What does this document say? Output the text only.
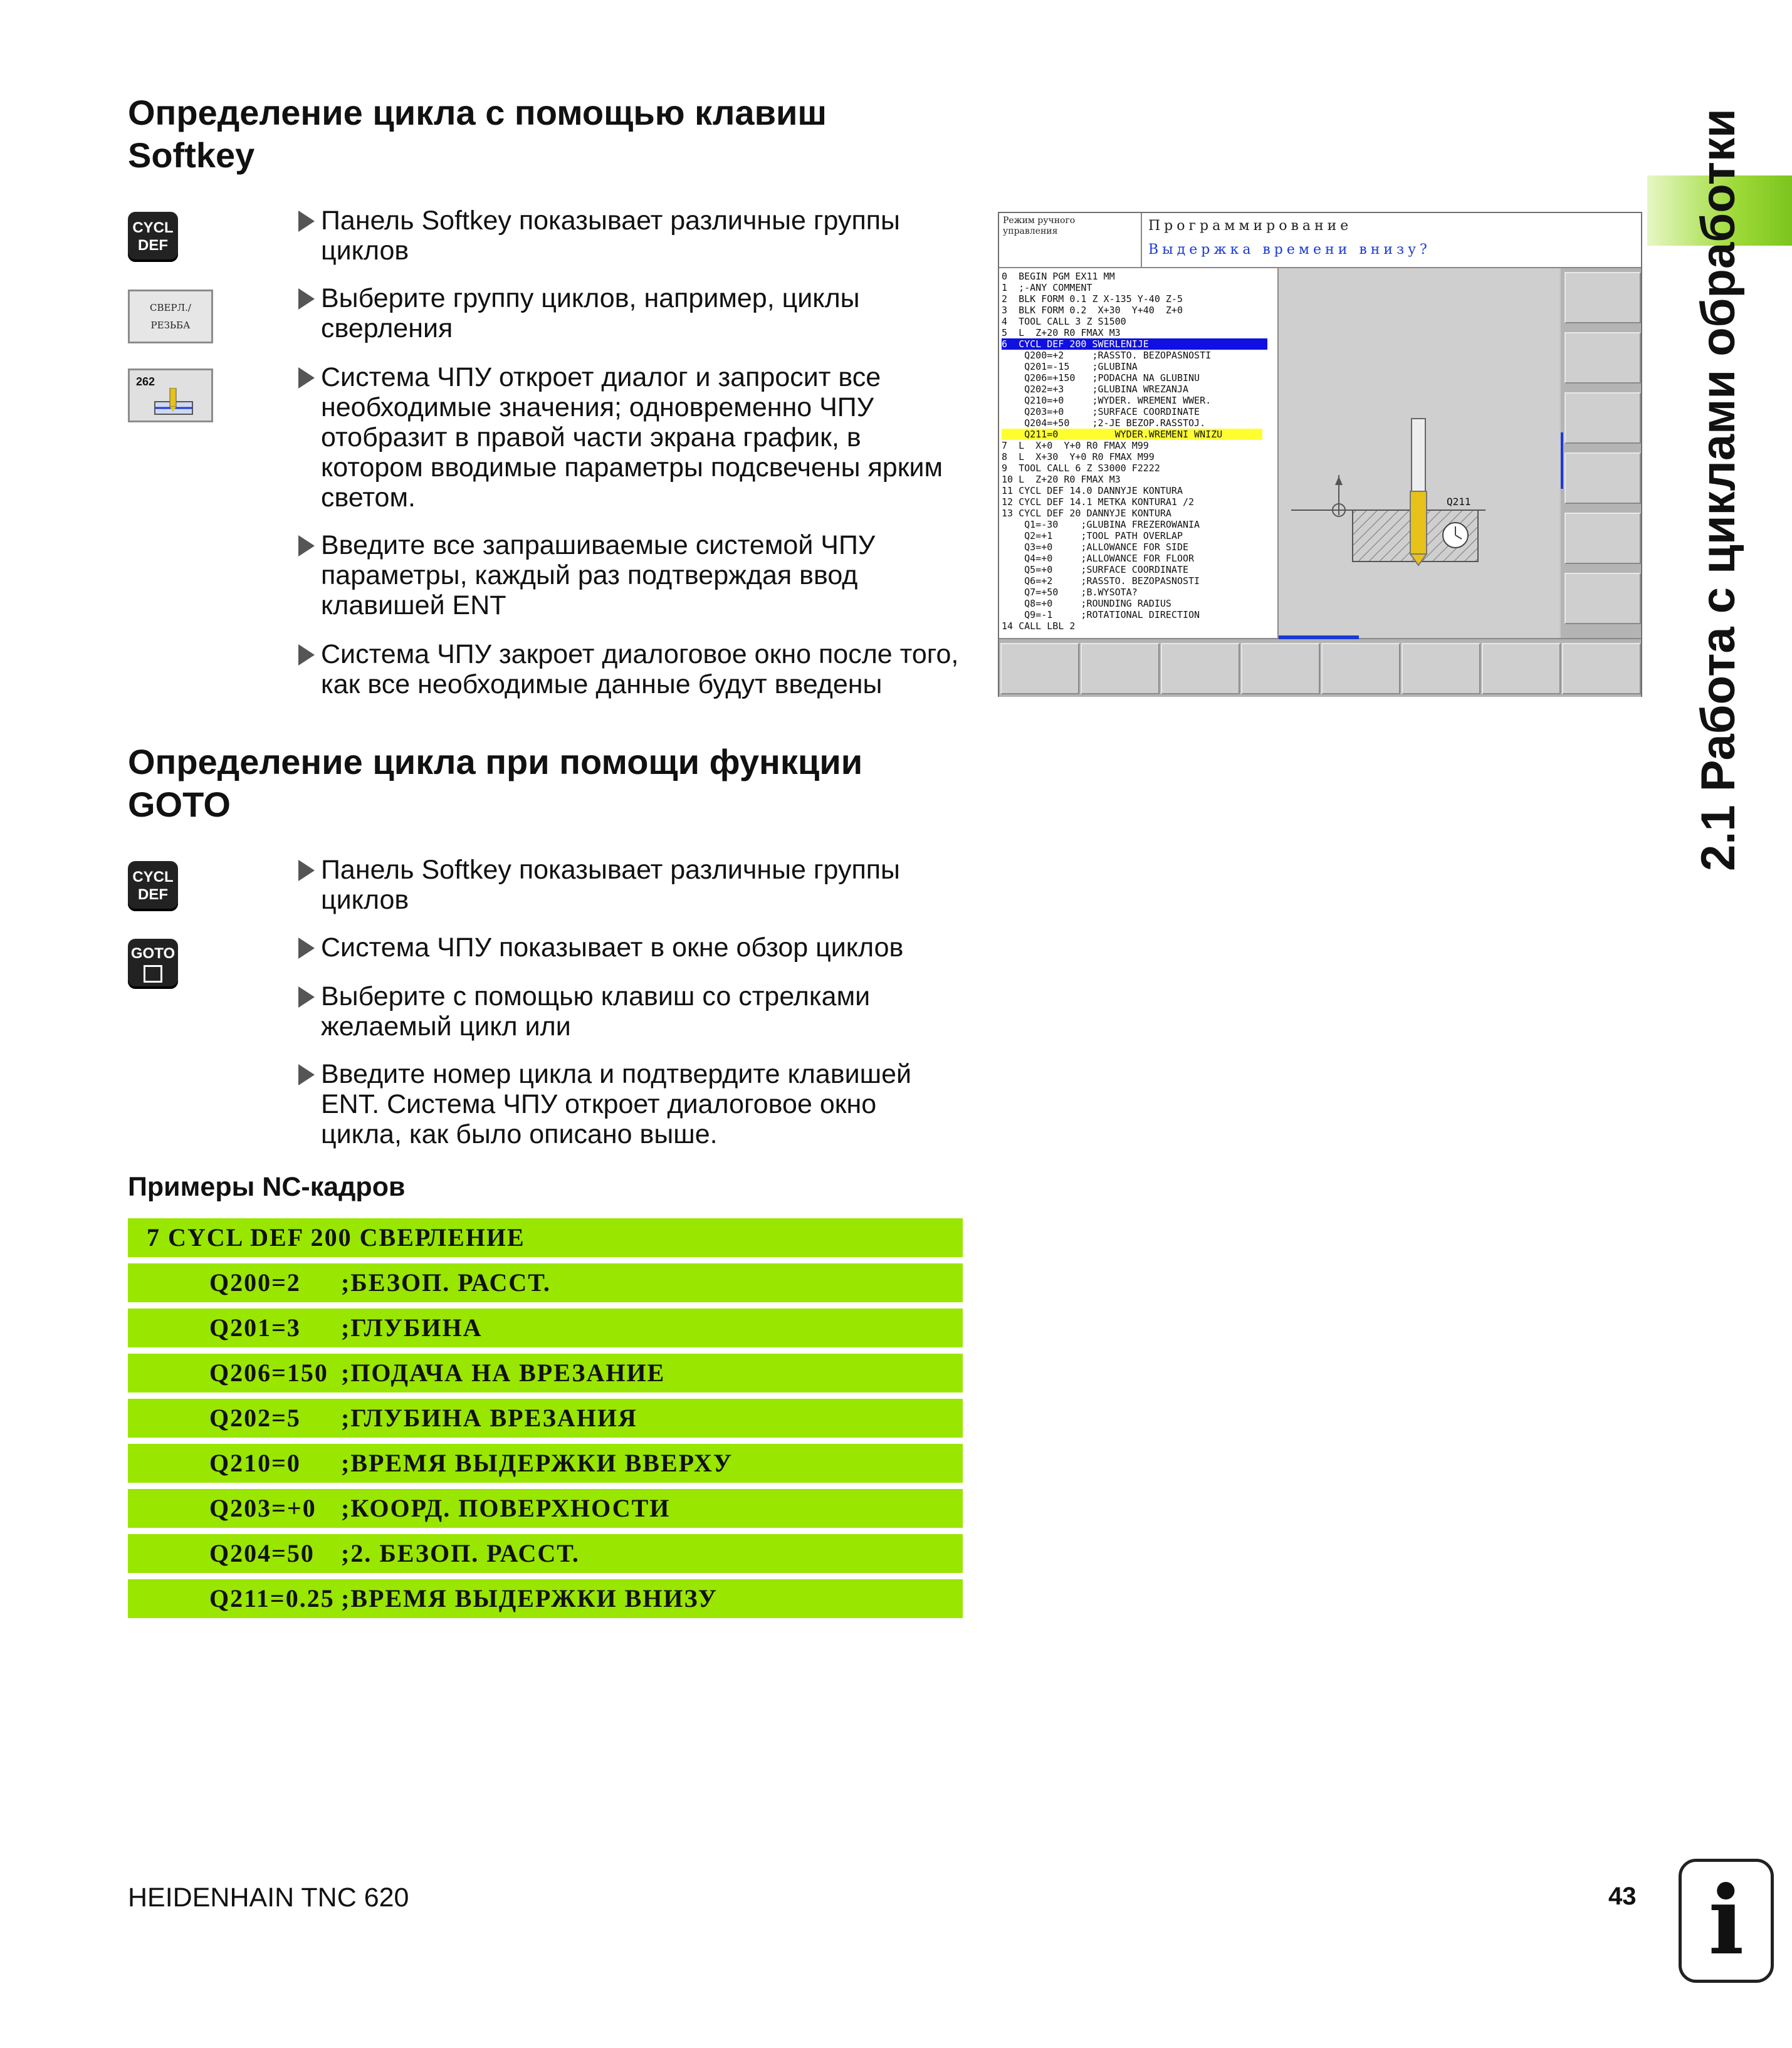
Определение цикла с помощью клавиш
Softkey
CYCL
DEF
СВЕРЛ./
РЕЗЬБА
262
Панель Softkey показывает различные группы
циклов
Выберите группу циклов, например, циклы
сверления
Система ЧПУ откроет диалог и запросит все
необходимые значения; одновременно ЧПУ
отобразит в правой части экрана график, в
котором вводимые параметры подсвечены ярким
светом.
Введите все запрашиваемые системой ЧПУ
параметры, каждый раз подтверждая ввод
клавишей ENT
Система ЧПУ закроет диалоговое окно после того,
как все необходимые данные будут введены
Определение цикла при помощи функции
GOTO
CYCL
DEF
GOTO
Панель Softkey показывает различные группы
циклов
Система ЧПУ показывает в окне обзор циклов
Выберите с помощью клавиш со стрелками
желаемый цикл или
Введите номер цикла и подтвердите клавишей
ENT. Система ЧПУ откроет диалоговое окно
цикла, как было описано выше.
Примеры NC-кадров
7 CYCL DEF 200 СВЕРЛЕНИЕ
Q200=2 ;БЕЗОП. РАССТ.
Q201=3 ;ГЛУБИНА
Q206=150 ;ПОДАЧА НА ВРЕЗАНИЕ
Q202=5 ;ГЛУБИНА ВРЕЗАНИЯ
Q210=0 ;ВРЕМЯ ВЫДЕРЖКИ ВВЕРХУ
Q203=+0 ;КООРД. ПОВЕРХНОСТИ
Q204=50 ;2. БЕЗОП. РАССТ.
Q211=0.25 ;ВРЕМЯ ВЫДЕРЖКИ ВНИЗУ
Режим ручного
управления	Программирование
Выдержка времени внизу?
0  BEGIN PGM EX11 MM
1  ;-ANY COMMENT
2  BLK FORM 0.1 Z X-135 Y-40 Z-5
3  BLK FORM 0.2  X+30  Y+40  Z+0
4  TOOL CALL 3 Z S1500
5  L  Z+20 R0 FMAX M3
6  CYCL DEF 200 SWERLENIJE
Q200=+2     ;RASSTO. BEZOPASNOSTI
Q201=-15    ;GLUBINA
Q206=+150   ;PODACHA NA GLUBINU
Q202=+3     ;GLUBINA WREZANJA
Q210=+0     ;WYDER. WREMENI WWER.
Q203=+0     ;SURFACE COORDINATE
Q204=+50    ;2-JE BEZOP.RASSTOJ.
Q211=0          WYDER.WREMENI WNIZU
7  L  X+0  Y+0 R0 FMAX M99
8  L  X+30  Y+0 R0 FMAX M99
9  TOOL CALL 6 Z S3000 F2222
10 L  Z+20 R0 FMAX M3
11 CYCL DEF 14.0 DANNYJE KONTURA
12 CYCL DEF 14.1 METKA KONTURA1 /2
13 CYCL DEF 20 DANNYJE KONTURA
Q1=-30    ;GLUBINA FREZEROWANIA
Q2=+1     ;TOOL PATH OVERLAP
Q3=+0     ;ALLOWANCE FOR SIDE
Q4=+0     ;ALLOWANCE FOR FLOOR
Q5=+0     ;SURFACE COORDINATE
Q6=+2     ;RASSTO. BEZOPASNOSTI
Q7=+50    ;B.WYSOTA?
Q8=+0     ;ROUNDING RADIUS
Q9=-1     ;ROTATIONAL DIRECTION
14 CALL LBL 2
Q211	2.1 Работа с циклами обработки
HEIDENHAIN TNC 620	43 i
